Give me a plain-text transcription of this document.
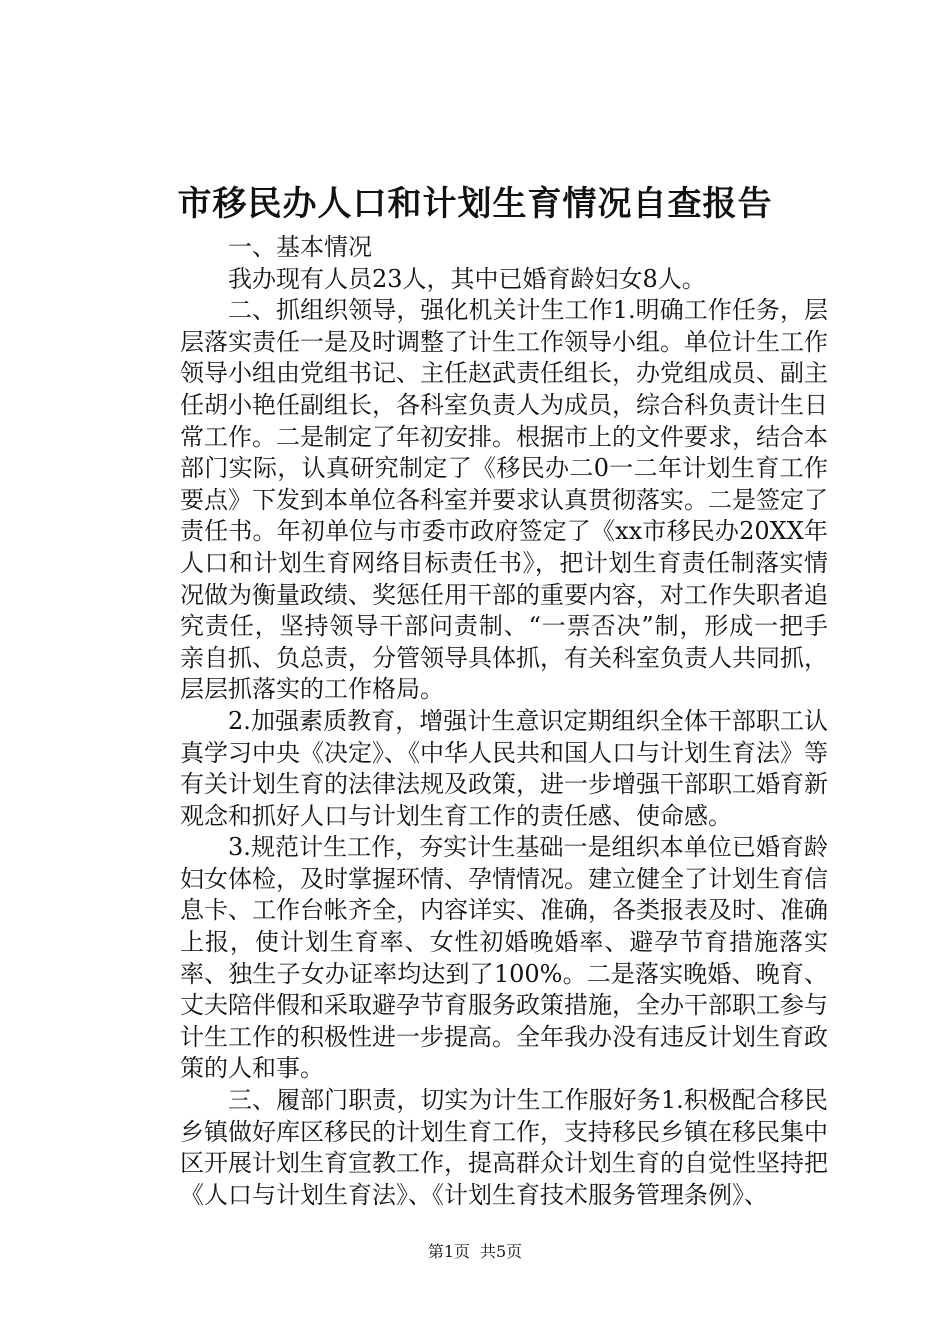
市移民办人口和计划生育情况自查报告

一、基本情况

我办现有人员23人，其中已婚育龄妇女8人。

二、抓组织领导，强化机关计生工作1.明确工作任务，层层落实责任一是及时调整了计生工作领导小组。单位计生工作领导小组由党组书记、主任赵武责任组长，办党组成员、副主任胡小艳任副组长，各科室负责人为成员，综合科负责计生日常工作。二是制定了年初安排。根据市上的文件要求，结合本部门实际，认真研究制定了《移民办二0一二年计划生育工作要点》下发到本单位各科室并要求认真贯彻落实。二是签定了责任书。年初单位与市委市政府签定了《xx市移民办20XX年人口和计划生育网络目标责任书》，把计划生育责任制落实情况做为衡量政绩、奖惩任用干部的重要内容，对工作失职者追究责任，坚持领导干部问责制、“一票否决”制，形成一把手亲自抓、负总责，分管领导具体抓，有关科室负责人共同抓，层层抓落实的工作格局。

2.加强素质教育，增强计生意识定期组织全体干部职工认真学习中央《决定》、《中华人民共和国人口与计划生育法》等有关计划生育的法律法规及政策，进一步增强干部职工婚育新观念和抓好人口与计划生育工作的责任感、使命感。

3.规范计生工作，夯实计生基础一是组织本单位已婚育龄妇女体检，及时掌握环情、孕情情况。建立健全了计划生育信息卡、工作台帐齐全，内容详实、准确，各类报表及时、准确上报，使计划生育率、女性初婚晚婚率、避孕节育措施落实率、独生子女办证率均达到了100%。二是落实晚婚、晚育、丈夫陪伴假和采取避孕节育服务政策措施，全办干部职工参与计生工作的积极性进一步提高。全年我办没有违反计划生育政策的人和事。

三、履部门职责，切实为计生工作服好务1.积极配合移民乡镇做好库区移民的计划生育工作，支持移民乡镇在移民集中区开展计划生育宣教工作，提高群众计划生育的自觉性坚持把《人口与计划生育法》、《计划生育技术服务管理条例》、

第1页 共5页
